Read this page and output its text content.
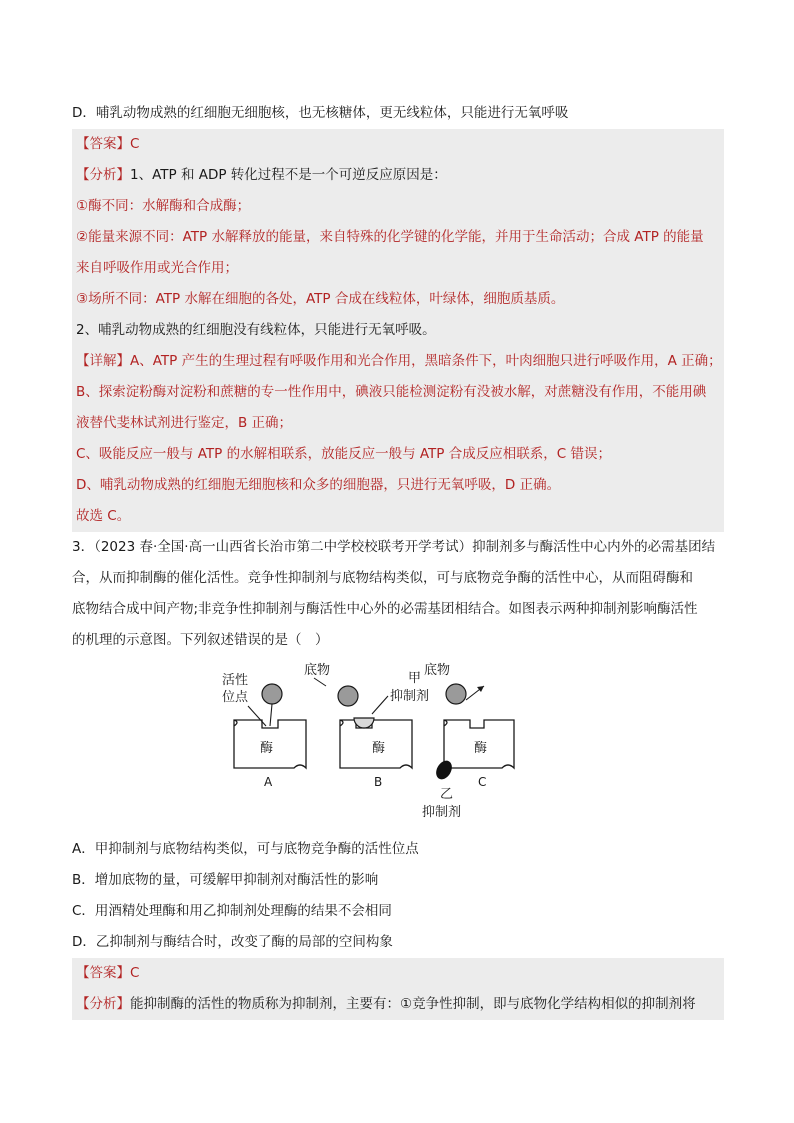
D．哺乳动物成熟的红细胞无细胞核，也无核糖体，更无线粒体，只能进行无氧呼吸
【答案】C
【分析】1、ATP 和 ADP 转化过程不是一个可逆反应原因是：
①酶不同：水解酶和合成酶；
②能量来源不同：ATP 水解释放的能量，来自特殊的化学键的化学能，并用于生命活动；合成 ATP 的能量
来自呼吸作用或光合作用；
③场所不同：ATP 水解在细胞的各处，ATP 合成在线粒体，叶绿体，细胞质基质。
2、哺乳动物成熟的红细胞没有线粒体，只能进行无氧呼吸。
【详解】A、ATP 产生的生理过程有呼吸作用和光合作用，黑暗条件下，叶肉细胞只进行呼吸作用，A 正确；
B、探索淀粉酶对淀粉和蔗糖的专一性作用中，碘液只能检测淀粉有没被水解，对蔗糖没有作用，不能用碘
液替代斐林试剂进行鉴定，B 正确；
C、吸能反应一般与 ATP 的水解相联系，放能反应一般与 ATP 合成反应相联系，C 错误；
D、哺乳动物成熟的红细胞无细胞核和众多的细胞器，只进行无氧呼吸，D 正确。
故选 C。
3．（2023 春·全国·高一山西省长治市第二中学校校联考开学考试）抑制剂多与酶活性中心内外的必需基团结
合，从而抑制酶的催化活性。竞争性抑制剂与底物结构类似，可与底物竞争酶的活性中心，从而阻碍酶和
底物结合成中间产物;非竞争性抑制剂与酶活性中心外的必需基团相结合。如图表示两种抑制剂影响酶活性
的机理的示意图。下列叙述错误的是（　）
活性
位点
酶
A
底物
甲
抑制剂
酶
B
底物
酶
C
乙
抑制剂
A．甲抑制剂与底物结构类似，可与底物竞争酶的活性位点
B．增加底物的量，可缓解甲抑制剂对酶活性的影响
C．用酒精处理酶和用乙抑制剂处理酶的结果不会相同
D．乙抑制剂与酶结合时，改变了酶的局部的空间构象
【答案】C
【分析】能抑制酶的活性的物质称为抑制剂，主要有：①竞争性抑制，即与底物化学结构相似的抑制剂将
